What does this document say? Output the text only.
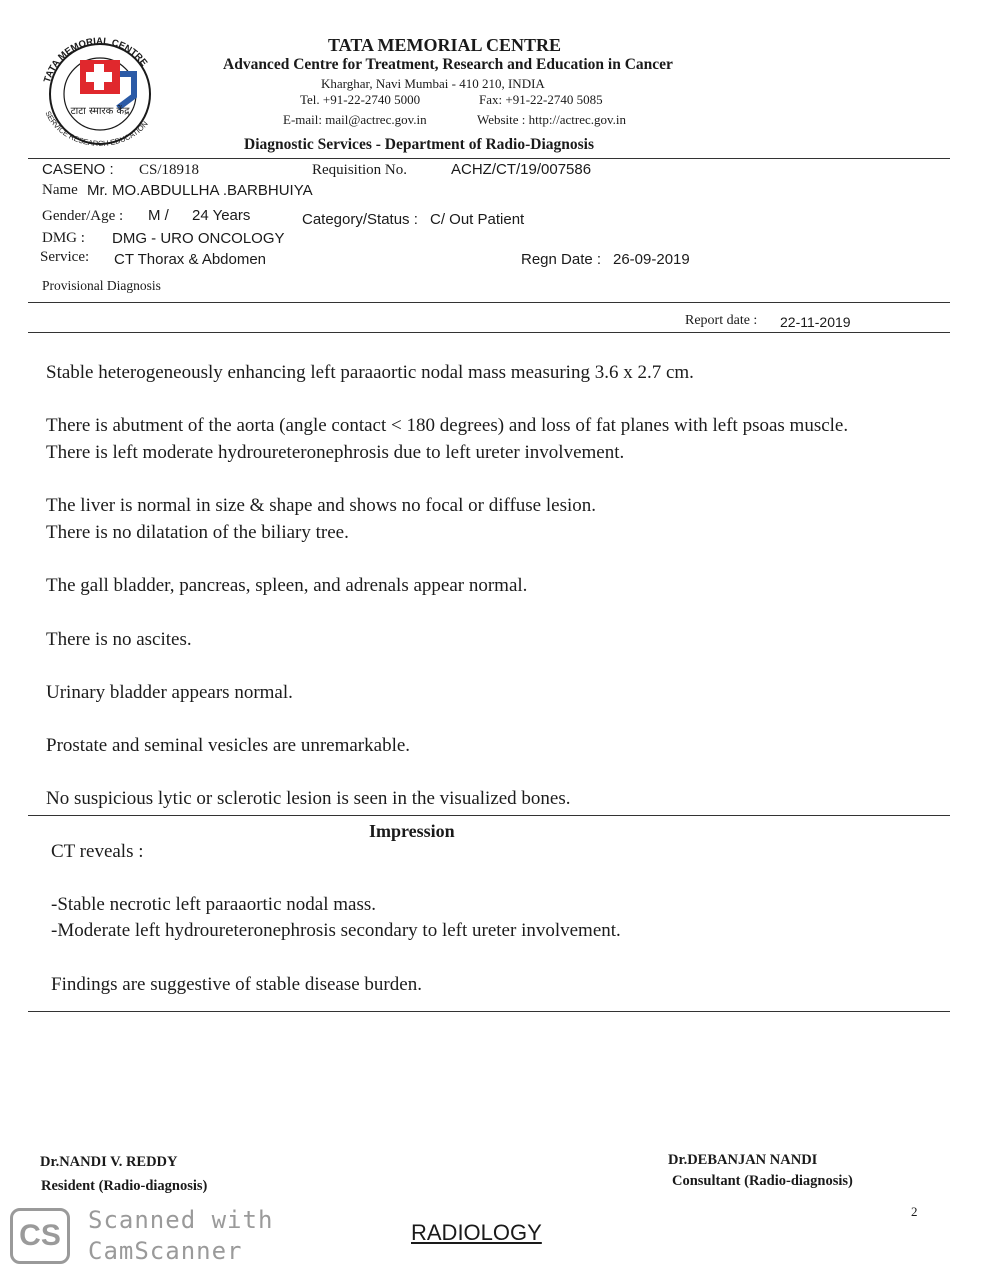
TATA MEMORIAL CENTRE
SERVICE RESEARCH EDUCATION
टाटा स्मारक केंद्र
TATA MEMORIAL CENTRE
Advanced Centre for Treatment, Research and Education in Cancer
Kharghar, Navi Mumbai - 410 210, INDIA
Tel. +91-22-2740 5000	Fax: +91-22-2740 5085
E-mail: mail@actrec.gov.in	Website : http://actrec.gov.in
Diagnostic Services - Department of Radio-Diagnosis
CASENO : CS/18918	Requisition No.	ACHZ/CT/19/007586
Name Mr. MO.ABDULLHA .BARBHUIYA
Gender/Age : M / 24 Years	Category/Status : C/ Out Patient
DMG : DMG - URO ONCOLOGY
Service: CT Thorax & Abdomen	Regn Date : 26-09-2019
Provisional Diagnosis
Report date : 22-11-2019
Stable heterogeneously enhancing left paraaortic nodal mass measuring 3.6 x 2.7 cm.
There is abutment of the aorta (angle contact < 180 degrees) and loss of fat planes with left psoas muscle.
There is left moderate hydroureteronephrosis due to left ureter involvement.
The liver is normal in size & shape and shows no focal or diffuse lesion.
There is no dilatation of the biliary tree.
The gall bladder, pancreas, spleen, and adrenals appear normal.
There is no ascites.
Urinary bladder appears normal.
Prostate and seminal vesicles are unremarkable.
No suspicious lytic or sclerotic lesion is seen in the visualized bones.
Impression
CT reveals :
-Stable necrotic left paraaortic nodal mass.
-Moderate left hydroureteronephrosis secondary to left ureter involvement.
Findings are suggestive of stable disease burden.
Dr.NANDI V. REDDY
Resident (Radio-diagnosis)
Dr.DEBANJAN NANDI
Consultant (Radio-diagnosis)
2
RADIOLOGY
CS	Scanned with
CamScanner
